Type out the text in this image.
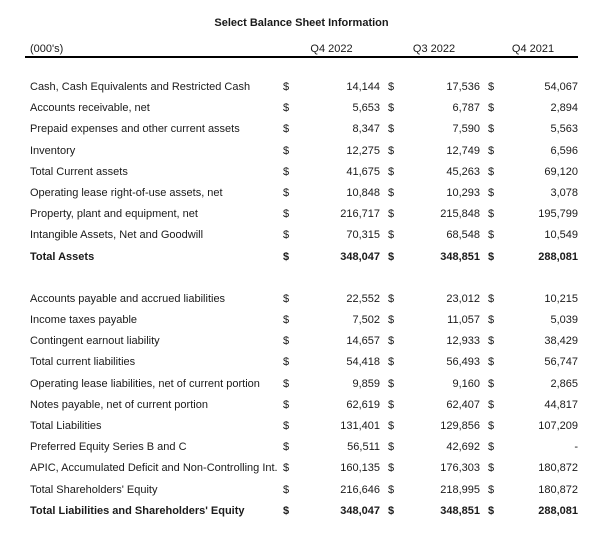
Select Balance Sheet Information
(000's)	Q4 2022	Q3 2022	Q4 2021
Cash, Cash Equivalents and Restricted Cash	$	14,144 $	17,536 $	54,067
Accounts receivable, net	$	5,653 $	6,787 $	2,894
Prepaid expenses and other current assets	$	8,347 $	7,590 $	5,563
Inventory	$	12,275 $	12,749 $	6,596
Total Current assets	$	41,675 $	45,263 $	69,120
Operating lease right-of-use assets, net	$	10,848 $	10,293 $	3,078
Property, plant and equipment, net	$	216,717 $	215,848 $	195,799
Intangible Assets, Net and Goodwill	$	70,315 $	68,548 $	10,549
Total Assets	$	348,047 $	348,851 $	288,081
Accounts payable and accrued liabilities	$	22,552 $	23,012 $	10,215
Income taxes payable	$	7,502 $	11,057 $	5,039
Contingent earnout liability	$	14,657 $	12,933 $	38,429
Total current liabilities	$	54,418 $	56,493 $	56,747
Operating lease liabilities, net of current portion	$	9,859 $	9,160 $	2,865
Notes payable, net of current portion	$	62,619 $	62,407 $	44,817
Total Liabilities	$	131,401 $	129,856 $	107,209
Preferred Equity Series B and C	$	56,511 $	42,692 $	-
APIC, Accumulated Deficit and Non-Controlling Int. $	160,135 $	176,303 $	180,872
Total Shareholders' Equity	$	216,646 $	218,995 $	180,872
Total Liabilities and Shareholders' Equity	$	348,047 $	348,851 $	288,081
